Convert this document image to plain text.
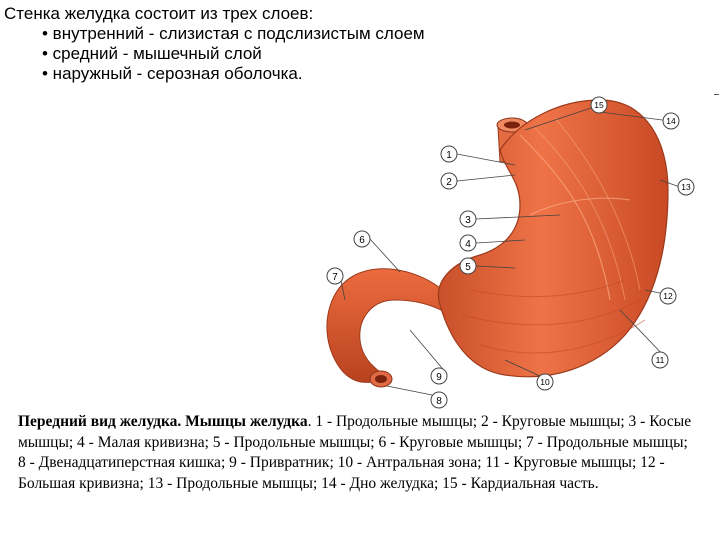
Стенка желудка состоит из трех слоев:
• внутренний - слизистая с подслизистым слоем
• средний - мышечный слой
• наружный - серозная оболочка.
1
2
3
4
5
6
7
8
9	10
11
12
13
14
15
Передний вид желудка. Мышцы желудка. 1 - Продольные мышцы; 2 - Круговые мышцы; 3 - Косые мышцы; 4 - Малая кривизна; 5 - Продольные мышцы; 6 - Круговые мышцы; 7 - Продольные мышцы; 8 - Двенадцатиперстная кишка; 9 - Привратник; 10 - Антральная зона; 11 - Круговые мышцы; 12 - Большая кривизна; 13 - Продольные мышцы; 14 - Дно желудка; 15 - Кардиальная часть.
